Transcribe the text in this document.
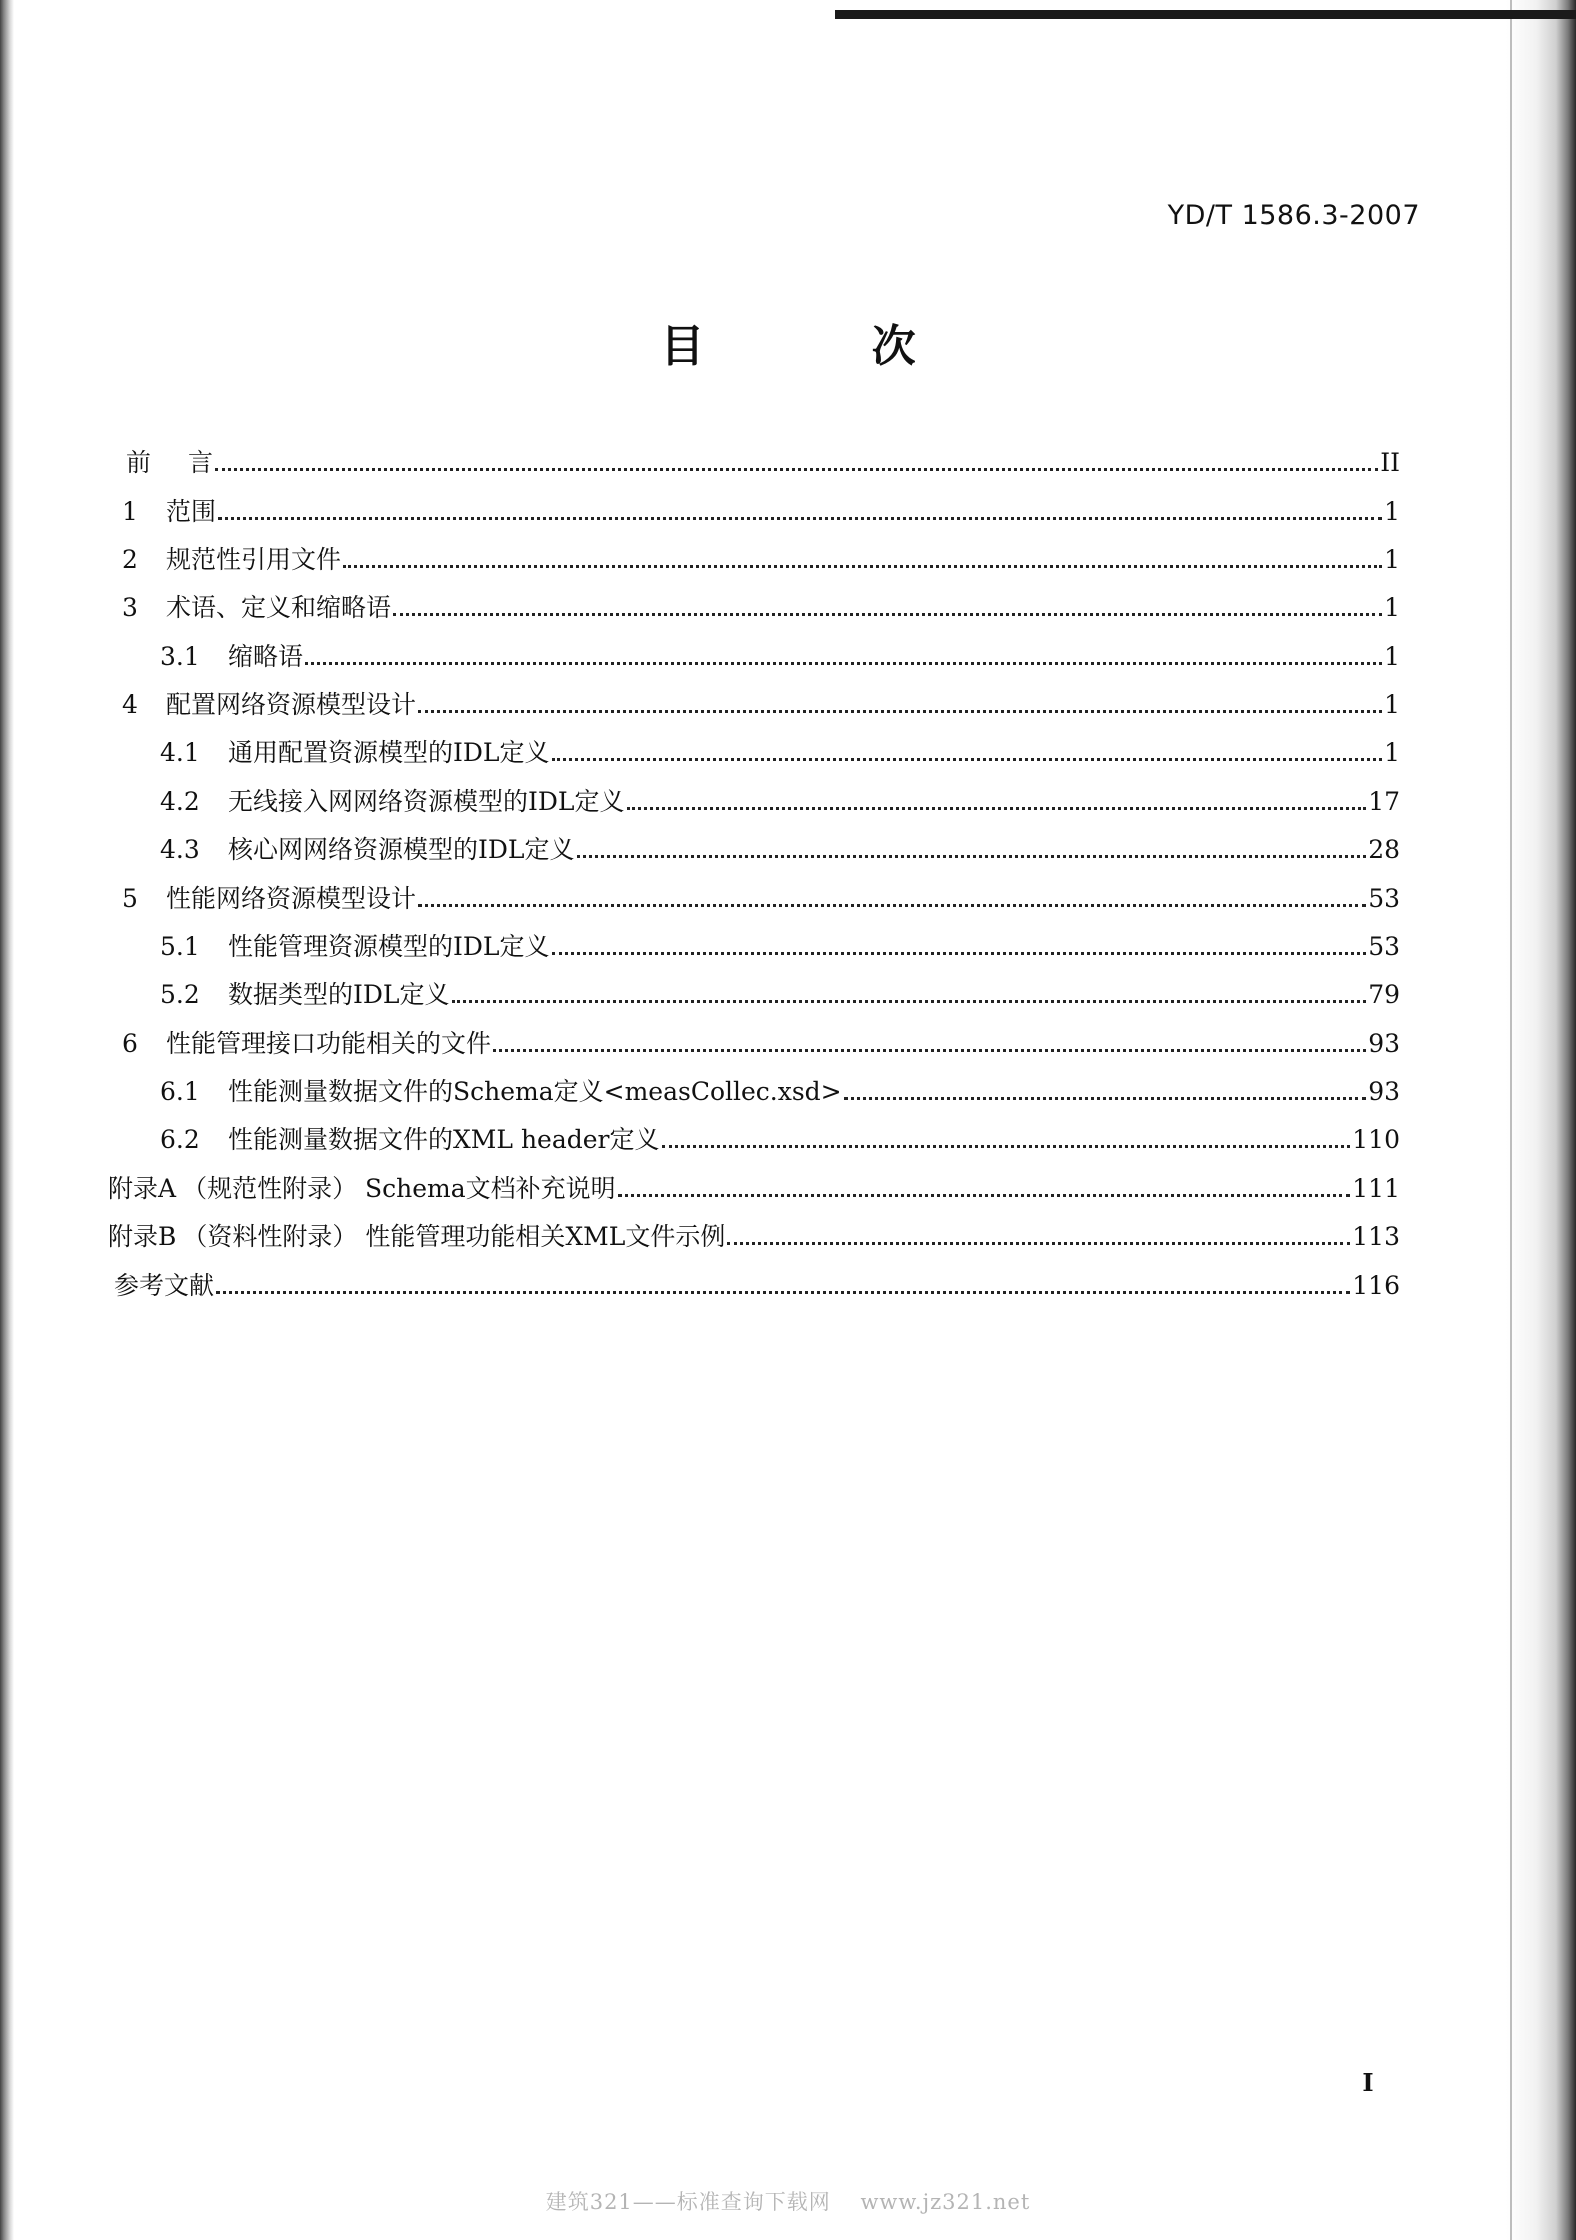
YD/T 1586.3-2007
目 次
前	言	II
1	范围	1
2	规范性引用文件	1
3	术语、定义和缩略语	1
3.1	缩略语	1
4	配置网络资源模型设计	1
4.1	通用配置资源模型的IDL定义	1
4.2	无线接入网网络资源模型的IDL定义	17
4.3	核心网网络资源模型的IDL定义	28
5	性能网络资源模型设计	53
5.1	性能管理资源模型的IDL定义	53
5.2	数据类型的IDL定义	79
6	性能管理接口功能相关的文件	93
6.1	性能测量数据文件的Schema定义<measCollec.xsd>	93
6.2	性能测量数据文件的XML header定义	110
附录A （规范性附录） Schema文档补充说明	111
附录B （资料性附录） 性能管理功能相关XML文件示例	113
参考文献	116
I
建筑321——标准查询下载网　 www.jz321.net
